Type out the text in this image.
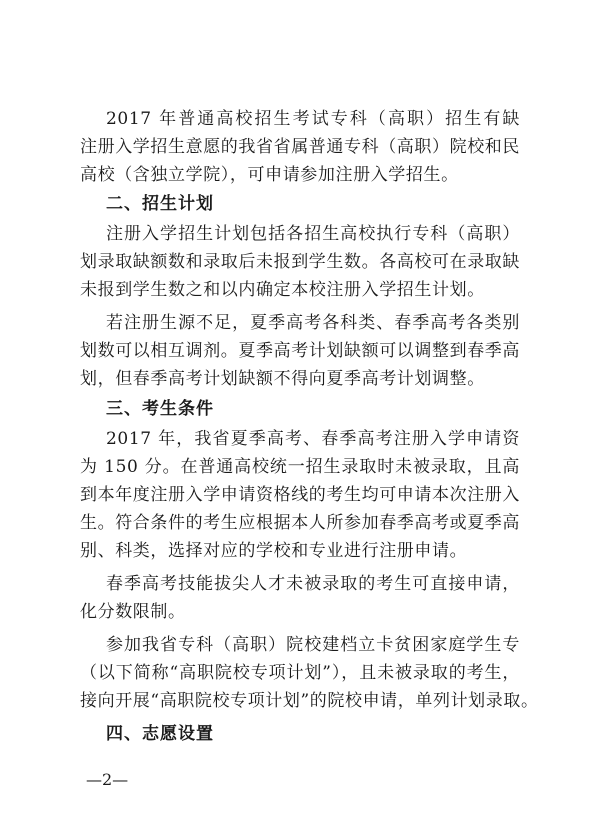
2017 年普通高校招生考试专科（高职）招生有缺
注册入学招生意愿的我省省属普通专科（高职）院校和民
高校（含独立学院），可申请参加注册入学招生。
二、招生计划
注册入学招生计划包括各招生高校执行专科（高职）
划录取缺额数和录取后未报到学生数。各高校可在录取缺
未报到学生数之和以内确定本校注册入学招生计划。
若注册生源不足，夏季高考各科类、春季高考各类别
划数可以相互调剂。夏季高考计划缺额可以调整到春季高
划，但春季高考计划缺额不得向夏季高考计划调整。
三、考生条件
2017 年，我省夏季高考、春季高考注册入学申请资
为 150 分。在普通高校统一招生录取时未被录取，且高
到本年度注册入学申请资格线的考生均可申请本次注册入
生。符合条件的考生应根据本人所参加春季高考或夏季高
别、科类，选择对应的学校和专业进行注册申请。
春季高考技能拔尖人才未被录取的考生可直接申请，
化分数限制。
参加我省专科（高职）院校建档立卡贫困家庭学生专
（以下简称“高职院校专项计划”），且未被录取的考生，
接向开展“高职院校专项计划”的院校申请，单列计划录取。
四、志愿设置
—2—
